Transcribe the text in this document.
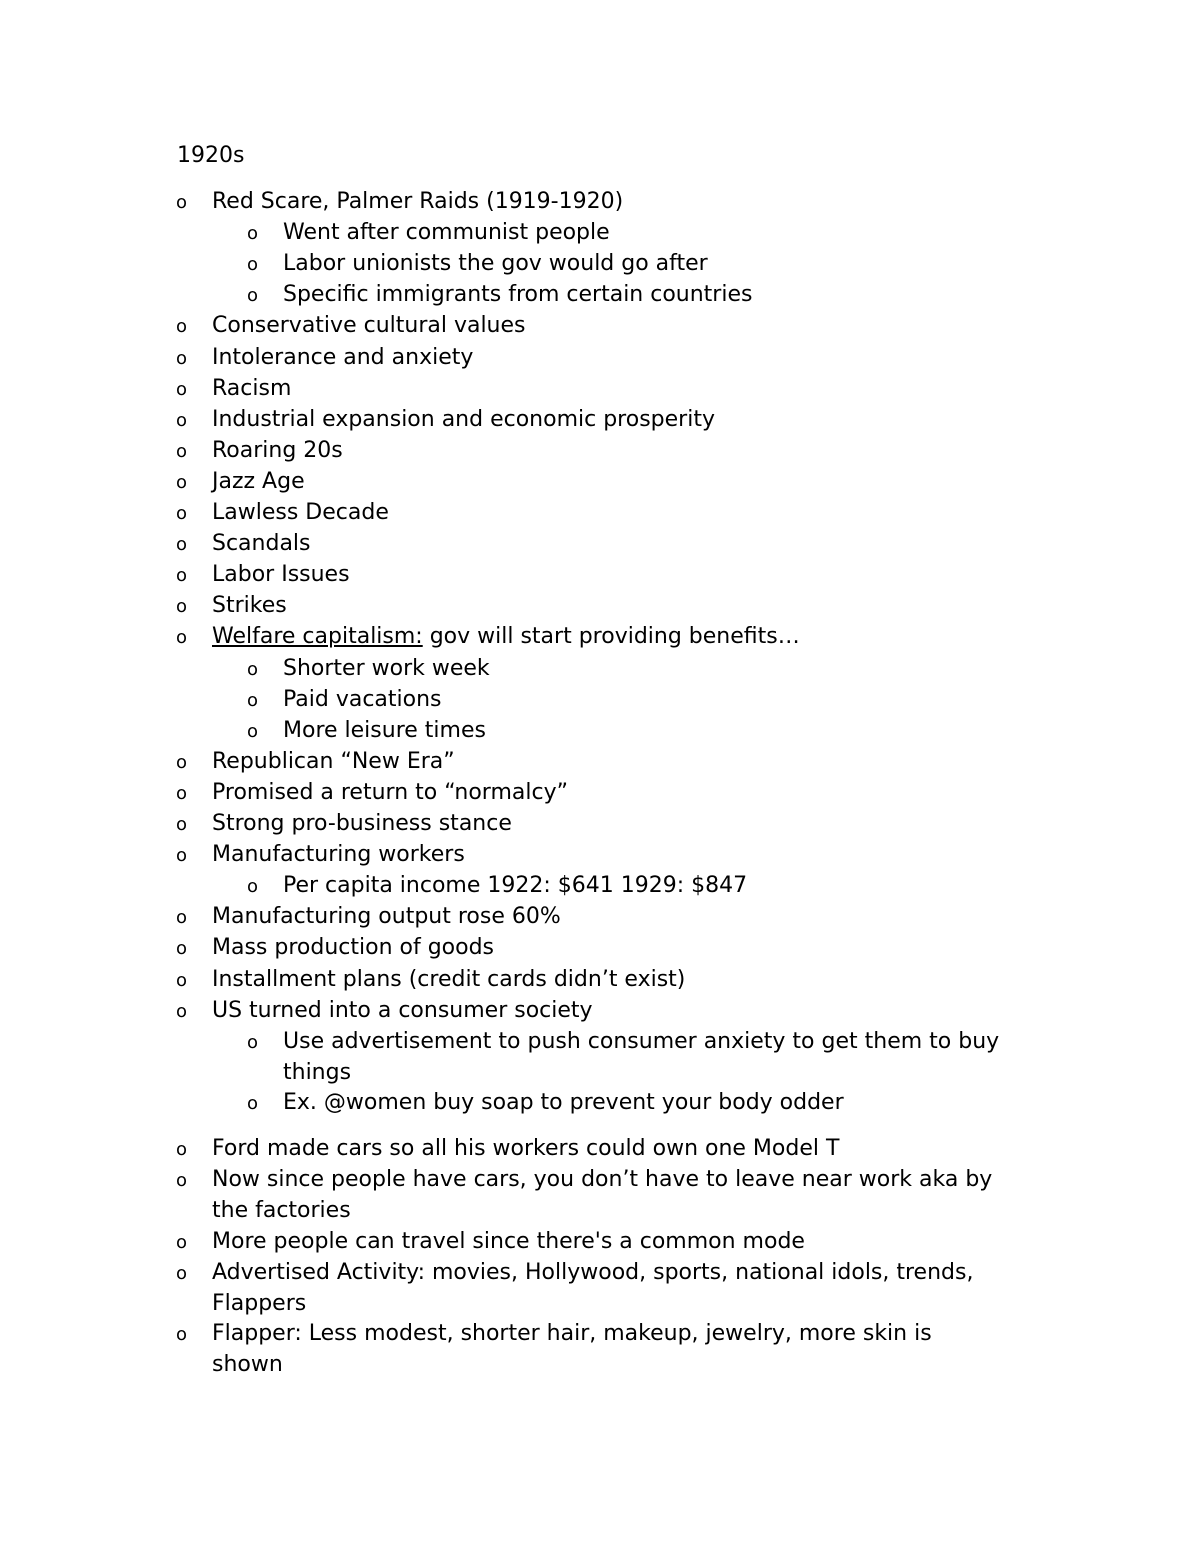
1920s
o Red Scare, Palmer Raids (1919-1920)
o Went after communist people
o Labor unionists the gov would go after
o Specific immigrants from certain countries
o Conservative cultural values
o Intolerance and anxiety
o Racism
o Industrial expansion and economic prosperity
o Roaring 20s
o Jazz Age
o Lawless Decade
o Scandals
o Labor Issues
o Strikes
o Welfare capitalism: gov will start providing benefits…
o Shorter work week
o Paid vacations
o More leisure times
o Republican “New Era”
o Promised a return to “normalcy”
o Strong pro-business stance
o Manufacturing workers
o Per capita income 1922: $641 1929: $847
o Manufacturing output rose 60%
o Mass production of goods
o Installment plans (credit cards didn’t exist)
o US turned into a consumer society
o Use advertisement to push consumer anxiety to get them to buy
things
o Ex. @women buy soap to prevent your body odder
o Ford made cars so all his workers could own one Model T
o Now since people have cars, you don’t have to leave near work aka by
the factories
o More people can travel since there's a common mode
o Advertised Activity: movies, Hollywood, sports, national idols, trends,
Flappers
o Flapper: Less modest, shorter hair, makeup, jewelry, more skin is
shown
